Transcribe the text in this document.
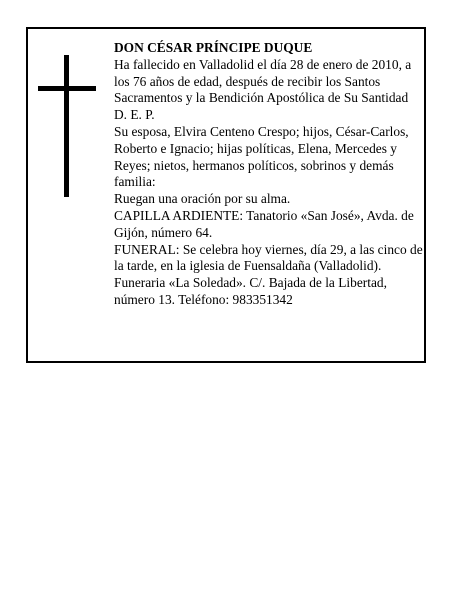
DON CÉSAR PRÍNCIPE DUQUE

Ha fallecido en Valladolid el día 28 de enero de 2010, a los 76 años de edad, después de recibir los Santos Sacramentos y la Bendición Apostólica de Su Santidad

D. E. P.

Su esposa, Elvira Centeno Crespo; hijos, César-Carlos, Roberto e Ignacio; hijas políticas, Elena, Mercedes y Reyes; nietos, hermanos políticos, sobrinos y demás familia:

Ruegan una oración por su alma.

CAPILLA ARDIENTE: Tanatorio «San José», Avda. de Gijón, número 64.

FUNERAL: Se celebra hoy viernes, día 29, a las cinco de la tarde, en la iglesia de Fuensaldaña (Valladolid).

Funeraria «La Soledad». C/. Bajada de la Libertad, número 13. Teléfono: 983351342
